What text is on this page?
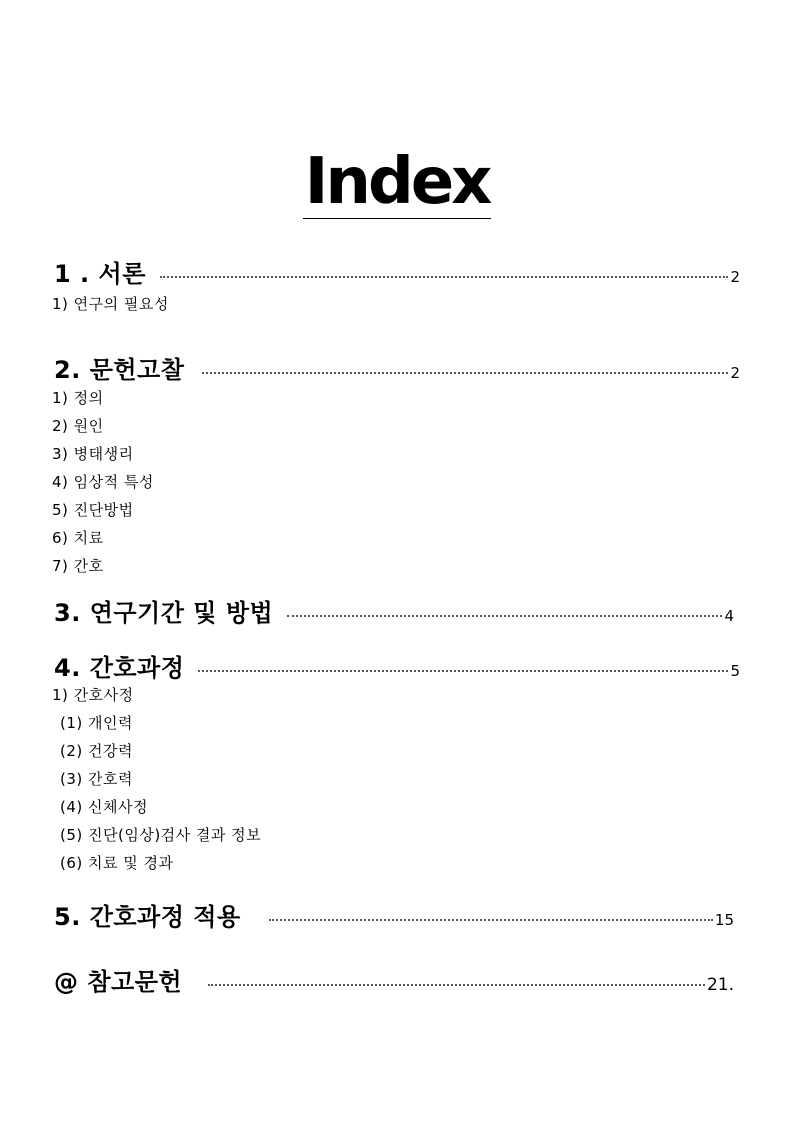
Index
1 . 서론	2
1) 연구의 필요성
2. 문헌고찰	2
1) 정의
2) 원인
3) 병태생리
4) 임상적 특성
5) 진단방법
6) 치료
7) 간호
3. 연구기간 및 방법	4
4. 간호과정	5
1) 간호사정
(1) 개인력
(2) 건강력
(3) 간호력
(4) 신체사정
(5) 진단(임상)검사 결과 정보
(6) 치료 및 경과
5. 간호과정 적용	15
@ 참고문헌	21.
